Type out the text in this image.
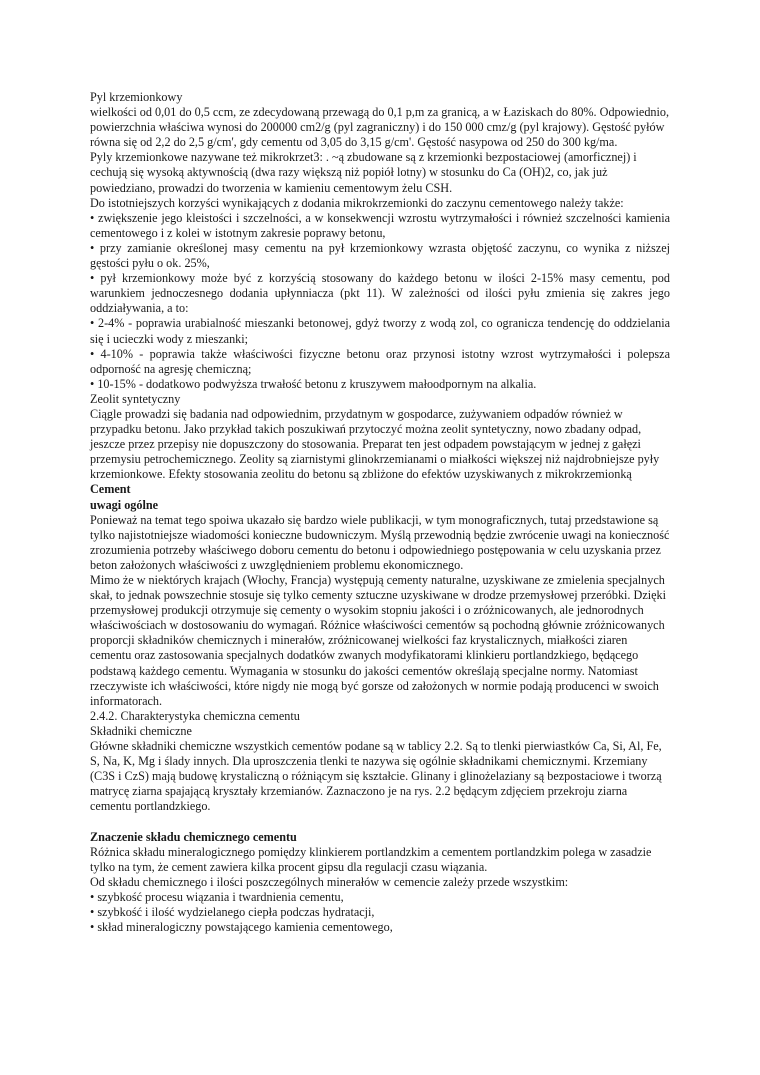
Pyl krzemionkowy

wielkości od 0,01 do 0,5 ccm, ze zdecydowaną przewagą do 0,1 p,m za granicą, a w Łaziskach do 80%. Odpowiednio, powierzchnia właściwa wynosi do 200000 cm2/g (pyl zagraniczny) i do 150 000 cmz/g (pyl krajowy). Gęstość pyłów równa się od 2,2 do 2,5 g/cm', gdy cementu od 3,05 do 3,15 g/cm'. Gęstość nasypowa od 250 do 300 kg/ma.

Pyly krzemionkowe nazywane też mikrokrzet3: . ~ą zbudowane są z krzemionki bezpostaciowej (amorficznej) i cechują się wysoką aktywnością (dwa razy większą niż popiół lotny) w stosunku do Ca (OH)2, co, jak już powiedziano, prowadzi do tworzenia w kamieniu cementowym żelu CSH.

Do istotniejszych korzyści wynikających z dodania mikrokrzemionki do zaczynu cementowego należy także:

• zwiększenie jego kleistości i szczelności, a w konsekwencji wzrostu wytrzymałości i również szczelności kamienia cementowego i z kolei w istotnym zakresie poprawy betonu,

• przy zamianie określonej masy cementu na pył krzemionkowy wzrasta objętość zaczynu, co wynika z niższej gęstości pyłu o ok. 25%,

• pył krzemionkowy może być z korzyścią stosowany do każdego betonu w ilości 2-15% masy cementu, pod warunkiem jednoczesnego dodania upłynniacza (pkt 11). W zależności od ilości pyłu zmienia się zakres jego oddziaływania, a to:

• 2-4% - poprawia urabialność mieszanki betonowej, gdyż tworzy z wodą zol, co ogranicza tendencję do oddzielania się i ucieczki wody z mieszanki;

• 4-10% - poprawia także właściwości fizyczne betonu oraz przynosi istotny wzrost wytrzymałości i polepsza odporność na agresję chemiczną;

• 10-15% - dodatkowo podwyższa trwałość betonu z kruszywem małoodpornym na alkalia.

Zeolit syntetyczny

Ciągle prowadzi się badania nad odpowiednim, przydatnym w gospodarce, zużywaniem odpadów również w przypadku betonu. Jako przykład takich poszukiwań przytoczyć można zeolit syntetyczny, nowo zbadany odpad, jeszcze przez przepisy nie dopuszczony do stosowania. Preparat ten jest odpadem powstającym w jednej z gałęzi przemysiu petrochemicznego. Zeolity są ziarnistymi glinokrzemianami o miałkości większej niż najdrobniejsze pyły krzemionkowe. Efekty stosowania zeolitu do betonu są zbliżone do efektów uzyskiwanych z mikrokrzemionką

Cement

uwagi ogólne

Ponieważ na temat tego spoiwa ukazało się bardzo wiele publikacji, w tym monograficznych, tutaj przedstawione są tylko najistotniejsze wiadomości konieczne budowniczym. Myślą przewodnią będzie zwrócenie uwagi na konieczność zrozumienia potrzeby właściwego doboru cementu do betonu i odpowiedniego postępowania w celu uzyskania przez beton założonych właściwości z uwzględnieniem problemu ekonomicznego.

Mimo że w niektórych krajach (Włochy, Francja) występują cementy naturalne, uzyskiwane ze zmielenia specjalnych skał, to jednak powszechnie stosuje się tylko cementy sztuczne uzyskiwane w drodze przemysłowej przeróbki. Dzięki przemysłowej produkcji otrzymuje się cementy o wysokim stopniu jakości i o zróżnicowanych, ale jednorodnych właściwościach w dostosowaniu do wymagań. Różnice właściwości cementów są pochodną głównie zróżnicowanych proporcji składników chemicznych i minerałów, zróżnicowanej wielkości faz krystalicznych, miałkości ziaren cementu oraz zastosowania specjalnych dodatków zwanych modyfikatorami klinkieru portlandzkiego, będącego podstawą każdego cementu. Wymagania w stosunku do jakości cementów określają specjalne normy. Natomiast rzeczywiste ich właściwości, które nigdy nie mogą być gorsze od założonych w normie podają producenci w swoich informatorach.

2.4.2. Charakterystyka chemiczna cementu

Składniki chemiczne

Główne składniki chemiczne wszystkich cementów podane są w tablicy 2.2. Są to tlenki pierwiastków Ca, Si, Al, Fe, S, Na, K, Mg i ślady innych. Dla uproszczenia tlenki te nazywa się ogólnie składnikami chemicznymi. Krzemiany (C3S i CzS) mają budowę krystaliczną o różniącym się kształcie. Glinany i glinożelaziany są bezpostaciowe i tworzą matrycę ziarna spajającą kryształy krzemianów. Zaznaczono je na rys. 2.2 będącym zdjęciem przekroju ziarna cementu portlandzkiego.

Znaczenie składu chemicznego cementu

Różnica składu mineralogicznego pomiędzy klinkierem portlandzkim a cementem portlandzkim polega w zasadzie tylko na tym, że cement zawiera kilka procent gipsu dla regulacji czasu wiązania.

Od składu chemicznego i ilości poszczególnych minerałów w cemencie zależy przede wszystkim:

• szybkość procesu wiązania i twardnienia cementu,

• szybkość i ilość wydzielanego ciepła podczas hydratacji,

• skład mineralogiczny powstającego kamienia cementowego,
